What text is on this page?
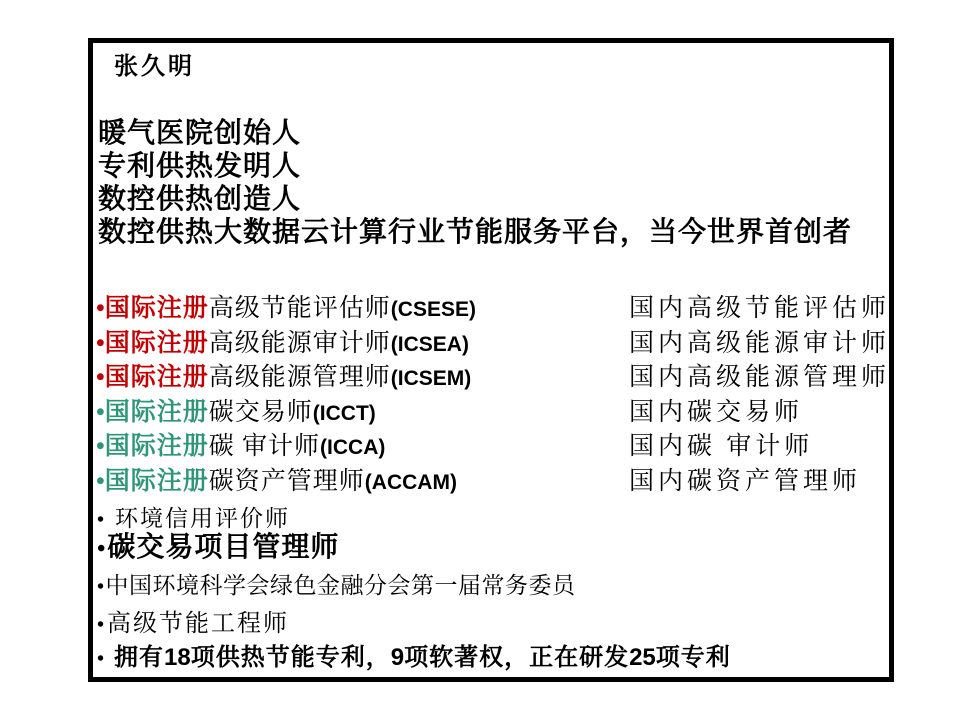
张久明
暖气医院创始人
专利供热发明人
数控供热创造人
数控供热大数据云计算行业节能服务平台，当今世界首创者
•国际注册高级节能评估师(CSESE)	国内高级节能评估师
•国际注册高级能源审计师(ICSEA)	国内高级能源审计师
•国际注册高级能源管理师(ICSEM)	国内高级能源管理师
•国际注册碳交易师(ICCT)	国内碳交易师
•国际注册碳 审计师(ICCA)	国内碳 审计师
•国际注册碳资产管理师(ACCAM)	国内碳资产管理师
• 环境信用评价师
•碳交易项目管理师
•中国环境科学会绿色金融分会第一届常务委员
•高级节能工程师
• 拥有18项供热节能专利，9项软著权，正在研发25项专利
